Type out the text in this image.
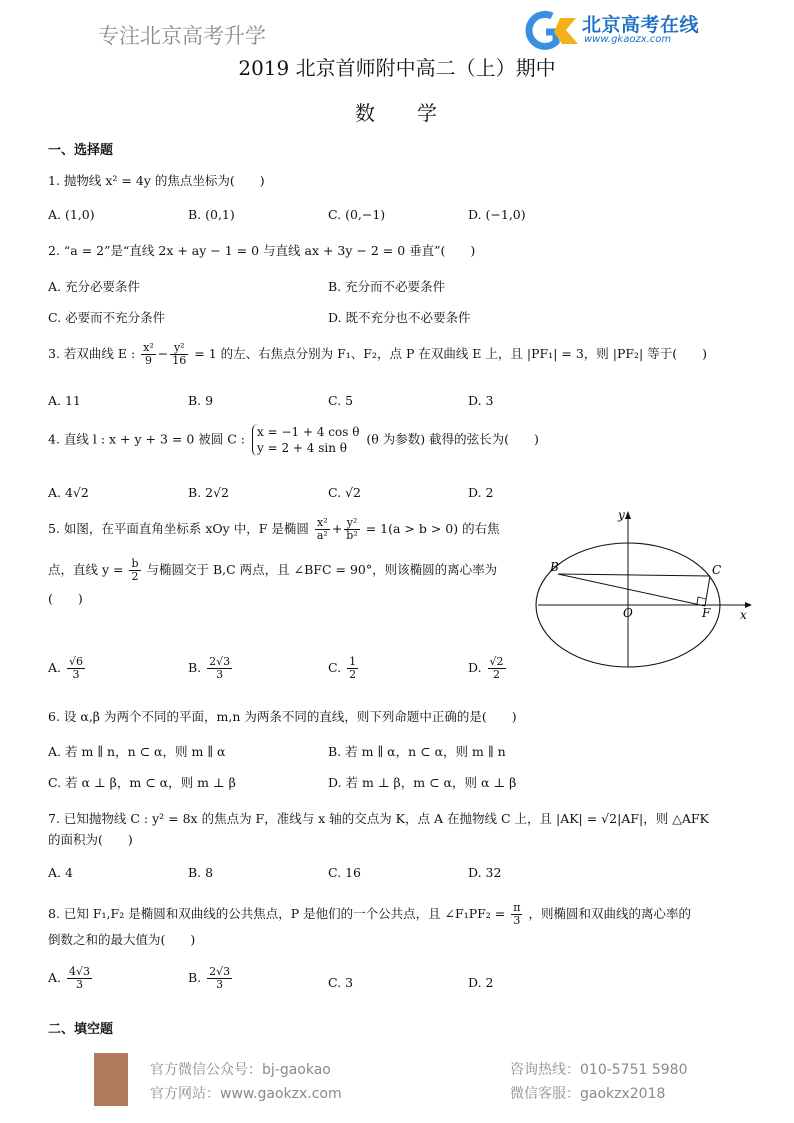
专注北京高考升学	北京高考在线
www.gkaozx.com
2019 北京首师附中高二（上）期中
数 学
一、选择题
1. 抛物线 x² = 4y 的焦点坐标为(　　)
A. (1,0)	B. (0,1)	C. (0,−1)	D. (−1,0)
2. “a = 2”是“直线 2x + ay − 1 = 0 与直线 ax + 3y − 2 = 0 垂直”(　　)
A. 充分必要条件	B. 充分而不必要条件
C. 必要而不充分条件	D. 既不充分也不必要条件
3. 若双曲线 E : $\frac{\text{x²}}{9} - \frac{\text{y²}}{16} = 1$ 的左、右焦点分别为 F₁、F₂，点 P 在双曲线 E 上，且 |PF₁| = 3，则 |PF₂| 等于(　　)
A. 11	B. 9	C. 5	D. 3
4. 直线 l : x + y + 3 = 0 被圆 C : x = −1 + 4 cos θ
y = 2 + 4 sin θ (θ 为参数) 截得的弦长为(　　)
A. 4√2	B. 2√2	C. √2	D. 2
5. 如图，在平面直角坐标系 xOy 中，F 是椭圆 $\frac{\text{x²}}{\text{a²}} + \frac{\text{y²}}{\text{b²}} = 1(a > b > 0)$ 的右焦
点，直线 $y = \frac{b}{2}$ 与椭圆交于 B,C 两点，且 ∠BFC = 90°，则该椭圆的离心率为
(　　)
y
x
O
B	C
F
A. $\frac{√6}{3}$	B. $\frac{2√3}{3}$	C. $\frac{1}{2}$	D. $\frac{√2}{2}$
6. 设 α,β 为两个不同的平面，m,n 为两条不同的直线，则下列命题中正确的是(　　)
A. 若 m ∥ n，n ⊂ α，则 m ∥ α	B. 若 m ∥ α，n ⊂ α，则 m ∥ n
C. 若 α ⊥ β，m ⊂ α，则 m ⊥ β	D. 若 m ⊥ β，m ⊂ α，则 α ⊥ β
7. 已知抛物线 C : y² = 8x 的焦点为 F，准线与 x 轴的交点为 K，点 A 在抛物线 C 上，且 |AK| = √2|AF|，则 △AFK
的面积为(　　)
A. 4	B. 8	C. 16	D. 32
8. 已知 F₁,F₂ 是椭圆和双曲线的公共焦点，P 是他们的一个公共点，且 ∠F₁PF₂ = $\frac{\pi}{3}$ ，则椭圆和双曲线的离心率的
倒数之和的最大值为(　　)
A. $\frac{4√3}{3}$	B. $\frac{2√3}{3}$	C. 3	D. 2
二、填空题
官方微信公众号：bj-gaokao
官方网站：www.gaokzx.com
咨询热线：010-5751 5980
微信客服：gaokzx2018
